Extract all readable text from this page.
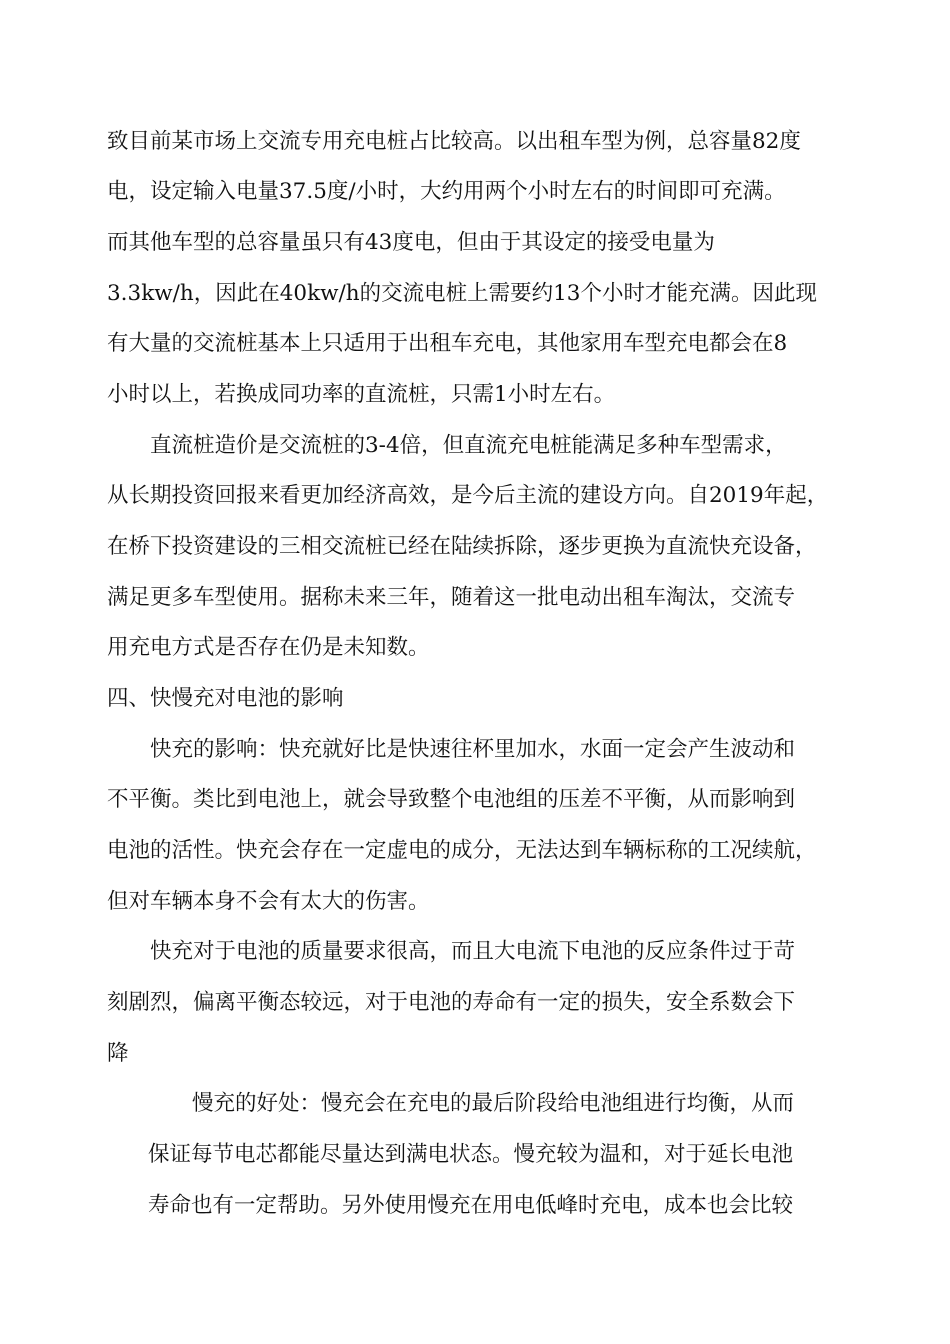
致目前某市场上交流专用充电桩占比较高。以出租车型为例，总容量82度
电，设定输入电量37.5度/小时，大约用两个小时左右的时间即可充满。
而其他车型的总容量虽只有43度电，但由于其设定的接受电量为
3.3kw/h，因此在40kw/h的交流电桩上需要约13个小时才能充满。因此现
有大量的交流桩基本上只适用于出租车充电，其他家用车型充电都会在8
小时以上，若换成同功率的直流桩，只需1小时左右。
直流桩造价是交流桩的3-4倍，但直流充电桩能满足多种车型需求，
从长期投资回报来看更加经济高效，是今后主流的建设方向。自2019年起，
在桥下投资建设的三相交流桩已经在陆续拆除，逐步更换为直流快充设备，
满足更多车型使用。据称未来三年，随着这一批电动出租车淘汰，交流专
用充电方式是否存在仍是未知数。
四、快慢充对电池的影响
快充的影响：快充就好比是快速往杯里加水，水面一定会产生波动和
不平衡。类比到电池上，就会导致整个电池组的压差不平衡，从而影响到
电池的活性。快充会存在一定虚电的成分，无法达到车辆标称的工况续航，
但对车辆本身不会有太大的伤害。
快充对于电池的质量要求很高，而且大电流下电池的反应条件过于苛
刻剧烈，偏离平衡态较远，对于电池的寿命有一定的损失，安全系数会下
降
慢充的好处：慢充会在充电的最后阶段给电池组进行均衡，从而
保证每节电芯都能尽量达到满电状态。慢充较为温和，对于延长电池
寿命也有一定帮助。另外使用慢充在用电低峰时充电，成本也会比较
